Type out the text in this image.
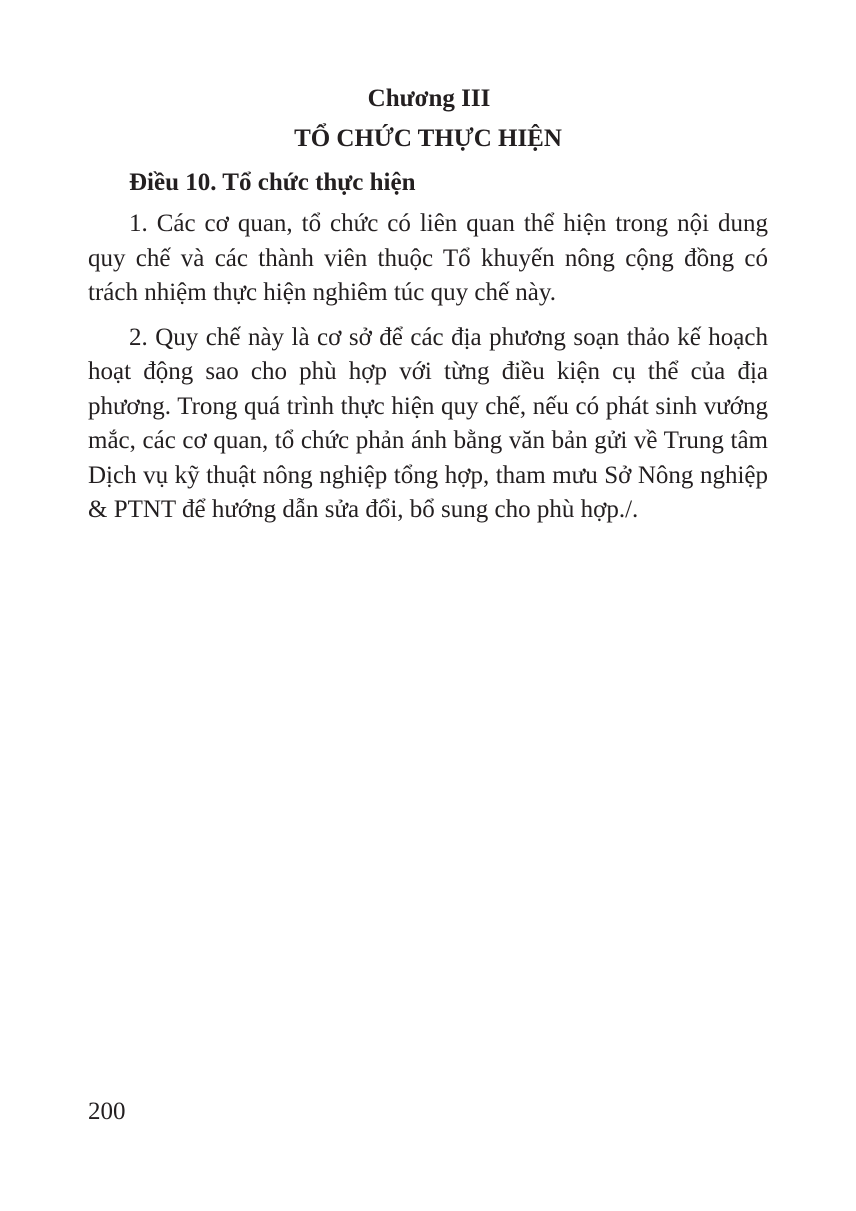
Chương III
TỔ CHỨC THỰC HIỆN
Điều 10. Tổ chức thực hiện

1. Các cơ quan, tổ chức có liên quan thể hiện trong nội dung quy chế và các thành viên thuộc Tổ khuyến nông cộng đồng có trách nhiệm thực hiện nghiêm túc quy chế này.

2. Quy chế này là cơ sở để các địa phương soạn thảo kế hoạch hoạt động sao cho phù hợp với từng điều kiện cụ thể của địa phương. Trong quá trình thực hiện quy chế, nếu có phát sinh vướng mắc, các cơ quan, tổ chức phản ánh bằng văn bản gửi về Trung tâm Dịch vụ kỹ thuật nông nghiệp tổng hợp, tham mưu Sở Nông nghiệp & PTNT để hướng dẫn sửa đổi, bổ sung cho phù hợp./.

200
